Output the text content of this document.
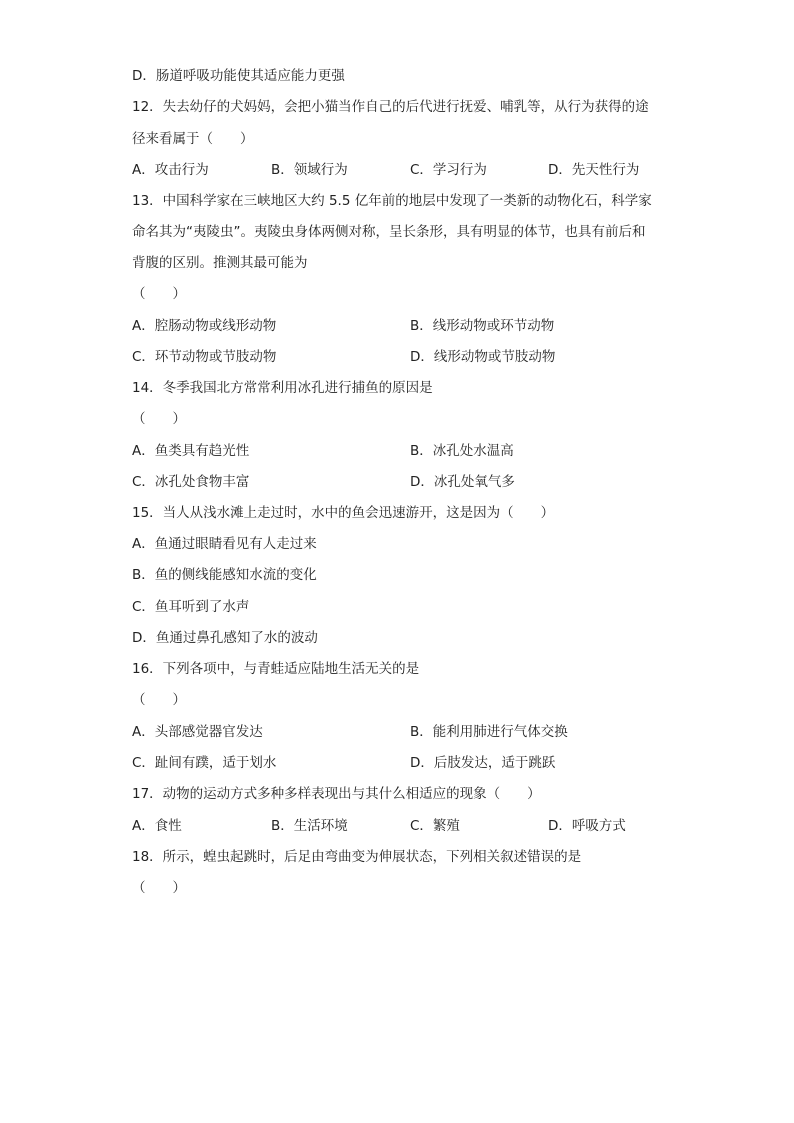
D．肠道呼吸功能使其适应能力更强
12．失去幼仔的犬妈妈，会把小猫当作自己的后代进行抚爱、哺乳等，从行为获得的途
径来看属于（　　）
A．攻击行为	B．领域行为	C．学习行为	D．先天性行为
13．中国科学家在三峡地区大约 5.5 亿年前的地层中发现了一类新的动物化石，科学家
命名其为“夷陵虫”。夷陵虫身体两侧对称，呈长条形，具有明显的体节，也具有前后和
背腹的区别。推测其最可能为
（　　）
A．腔肠动物或线形动物	B．线形动物或环节动物
C．环节动物或节肢动物	D．线形动物或节肢动物
14．冬季我国北方常常利用冰孔进行捕鱼的原因是
（　　）
A．鱼类具有趋光性	B．冰孔处水温高
C．冰孔处食物丰富	D．冰孔处氧气多
15．当人从浅水滩上走过时，水中的鱼会迅速游开，这是因为（　　）
A．鱼通过眼睛看见有人走过来
B．鱼的侧线能感知水流的变化
C．鱼耳听到了水声
D．鱼通过鼻孔感知了水的波动
16．下列各项中，与青蛙适应陆地生活无关的是
（　　）
A．头部感觉器官发达	B．能利用肺进行气体交换
C．趾间有蹼，适于划水	D．后肢发达，适于跳跃
17．动物的运动方式多种多样表现出与其什么相适应的现象（　　）
A．食性	B．生活环境	C．繁殖	D．呼吸方式
18．所示，蝗虫起跳时，后足由弯曲变为伸展状态，下列相关叙述错误的是
（　　）
